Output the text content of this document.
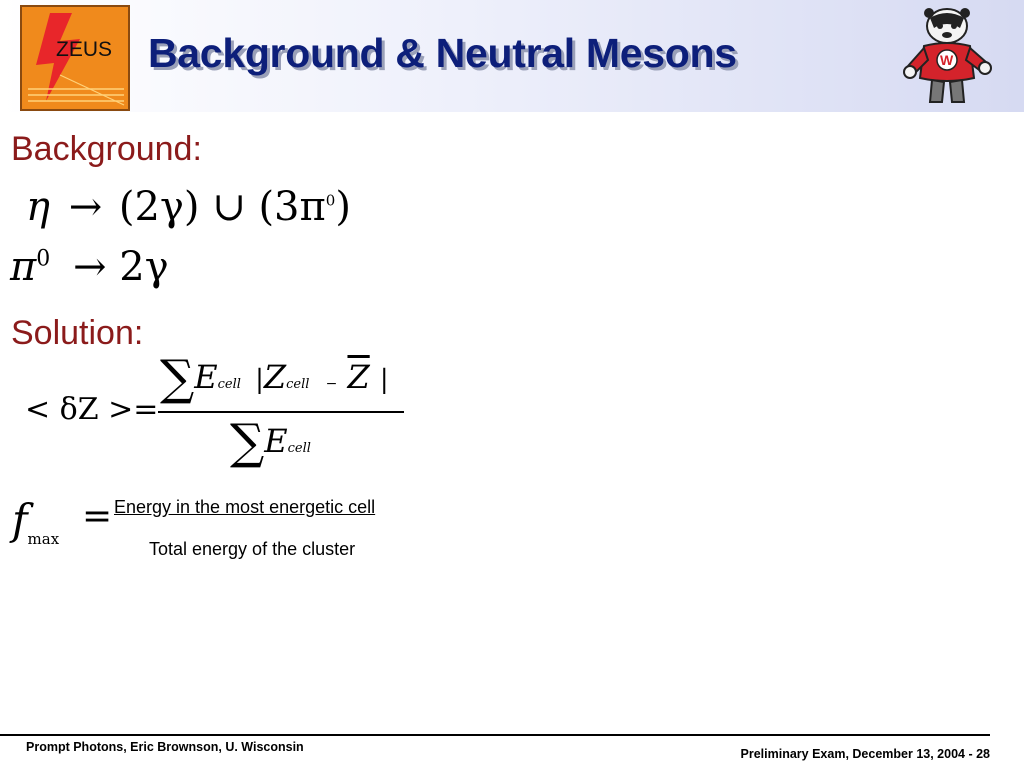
ZEUS Background & Neutral Mesons	W
Background:
η → (2γ) ∪ $(3\pi^0)$
$\pi^0 \to 2\gamma$
Solution:
< δZ >=
∑Ecell |Zcell − $\overline{Z}$ |
∑Ecell
$f_{max}$
= Energy in the most energetic cell
Total energy of the cluster
Prompt Photons, Eric Brownson, U. Wisconsin	Preliminary Exam, December 13, 2004 - 28
